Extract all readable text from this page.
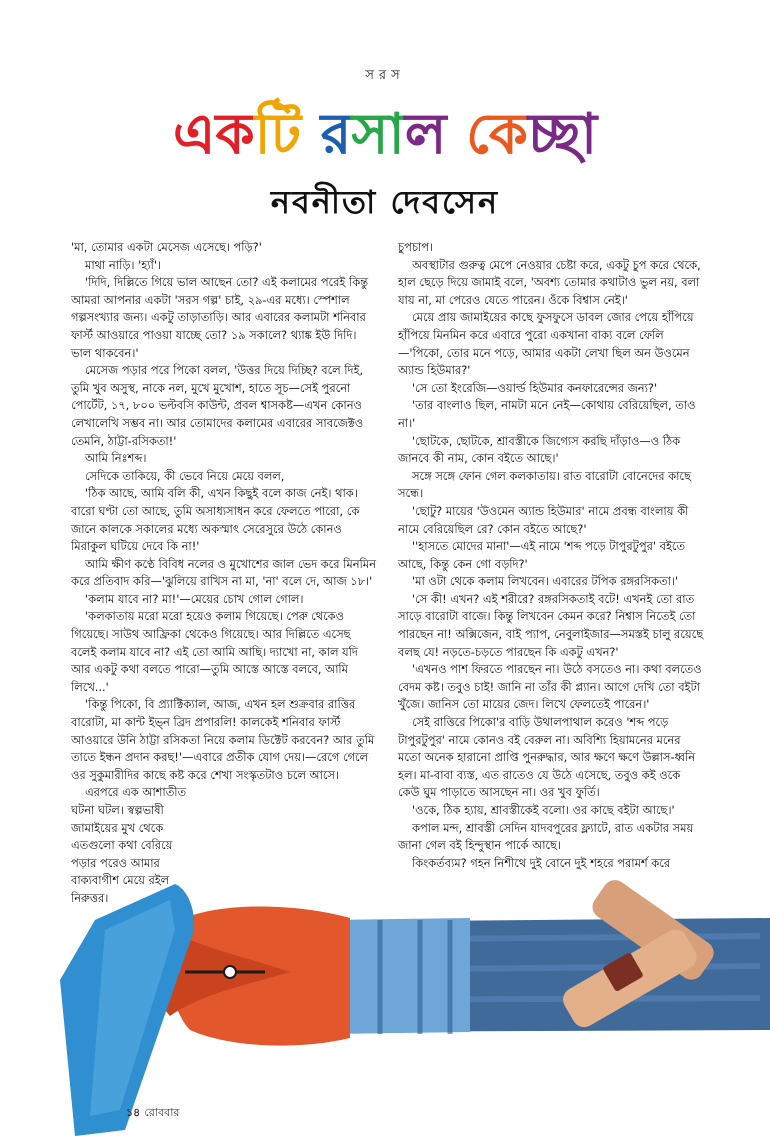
সরস
একটি রসাল কেচ্ছা
নবনীতা দেবসেন

'মা, তোমার একটা মেসেজ এসেছে। পড়ি?'

মাথা নাড়ি। 'হ্যাঁ'।

'দিদি, দিল্লিতে গিয়ে ভাল আছেন তো? এই কলামের পরেই কিন্তু আমরা আপনার একটা 'সরস গল্প' চাই, ২৯-এর মধ্যে। স্পেশাল গল্পসংখ্যার জন্য। একটু তাড়াতাড়ি। আর এবারের কলামটা শনিবার ফার্স্ট আওয়ারে পাওয়া যাচ্ছে তো? ১৯ সকালে? থ্যাঙ্ক ইউ দিদি। ভাল থাকবেন।'

মেসেজ পড়ার পরে পিকো বলল, 'উত্তর দিয়ে দিচ্ছি? বলে দিই, তুমি খুব অসুস্থ, নাকে নল, মুখে মুখোশ, হাতে সূচ—সেই পুরনো পোর্টেট, ১৭, ৮০০ ভল্টবসি কাউন্ট, প্রবল শ্বাসকষ্ট—এখন কোনও লেখালেখি সম্ভব না। আর তোমাদের কলামের এবারের সাবজেক্টও তেমনি, ঠাট্টা-রসিকতা!'

আমি নিঃশব্দ।

সেদিকে তাকিয়ে, কী ভেবে নিয়ে মেয়ে বলল,

'ঠিক আছে, আমি বলি কী, এখন কিছুই বলে কাজ নেই। থাক। বারো ঘণ্টা তো আছে, তুমি অসাধ্যসাধন করে ফেলতে পারো, কে জানে কালকে সকালের মধ্যে অকস্মাৎ সেরেসুরে উঠে কোনও মিরাকুল ঘটিয়ে দেবে কি না!'

আমি ক্ষীণ কণ্ঠে বিবিধ নলের ও মুখোশের জাল ভেদ করে মিনমিন করে প্রতিবাদ করি—'ঝুলিয়ে রাখিস না মা, 'না' বলে দে, আজ ১৮।'

'কলাম যাবে না? মা!'—মেয়ের চোখ গোল গোল।

'কলকাতায় মরো মরো হয়েও কলাম গিয়েছে। পেরু থেকেও গিয়েছে। সাউথ আফ্রিকা থেকেও গিয়েছে। আর দিল্লিতে এসেছ বলেই কলাম যাবে না? এই তো আমি আছি। দ্যাখো না, কাল যদি আর একটু কথা বলতে পারো—তুমি আস্তে আস্তে বলবে, আমি লিখে...'

'কিন্তু পিকো, বি প্র্যাক্টিক্যাল, আজ, এখন হল শুক্রবার রাত্তির বারোটা, মা কান্ট ইভ্ন ব্রিদ প্রপারলি! কালকেই শনিবার ফার্স্ট আওয়ারে উনি ঠাট্টা রসিকতা নিয়ে কলাম ডিক্টেট করবেন? আর তুমি তাতে ইন্ধন প্রদান করছ!'—এবারে প্রতীক যোগ দেয়।—রেগে গেলে ওর সুকুমারীদির কাছে কষ্ট করে শেখা সংস্কৃতটাও চলে আসে।

এরপরে এক আশাতীত ঘটনা ঘটল। স্বল্পভাষী জামাইয়ের মুখ থেকে এতগুলো কথা বেরিয়ে পড়ার পরেও আমার বাক্যবাগীশ মেয়ে রইল নিরুত্তর।

চুপচাপ।

অবস্থাটার গুরুত্ব মেপে নেওয়ার চেষ্টা করে, একটু চুপ করে থেকে, হাল ছেড়ে দিয়ে জামাই বলে, 'অবশ্য তোমার কথাটাও ভুল নয়, বলা যায় না, মা পেরেও যেতে পারেন। ওঁকে বিশ্বাস নেই।'

মেয়ে প্রায় জামাইয়ের কাছে ফুসফুসে ডাবল জোর পেয়ে হাঁপিয়ে হাঁপিয়ে মিনমিন করে এবারে পুরো একখানা বাক্য বলে ফেলি—'পিকো, তোর মনে পড়ে, আমার একটা লেখা ছিল অন উওমেন অ্যান্ড হিউমার?'

'সে তো ইংরেজি—ওয়ার্ল্ড হিউমার কনফারেন্সের জন্য?'

'তার বাংলাও ছিল, নামটা মনে নেই—কোথায় বেরিয়েছিল, তাও না।'

'ছোটকে, ছোটকে, শ্রাবস্তীকে জিগ্যেস করছি দাঁড়াও—ও ঠিক জানবে কী নাম, কোন বইতে আছে।'

সঙ্গে সঙ্গে ফোন গেল কলকাতায়। রাত বারোটা বোনেদের কাছে সন্ধে।

'ছোটু? মায়ের 'উওমেন অ্যান্ড হিউমার' নামে প্রবন্ধ বাংলায় কী নামে বেরিয়েছিল রে? কোন বইতে আছে?'

''হাসতে মোদের মানা'—এই নামে 'শব্দ পড়ে টাপুরটুপুর' বইতে আছে, কিন্তু কেন গো বড়দি?'

'মা ওটা থেকে কলাম লিখবেন। এবারের টপিক রঙ্গরসিকতা।'

'সে কী! এখন? এই শরীরে? রঙ্গরসিকতাই বটে! এখনই তো রাত সাড়ে বারোটা বাজে। কিন্তু লিখবেন কেমন করে? নিশ্বাস নিতেই তো পারছেন না! অক্সিজেন, বাই প্যাপ, নেবুলাইজার—সমস্তই চালু রয়েছে বলছ যে! নড়তে-চড়তে পারছেন কি একটু এখন?'

'এখনও পাশ ফিরতে পারছেন না। উঠে বসতেও না। কথা বলতেও বেদম কষ্ট। তবুও চাই! জানি না তাঁর কী প্ল্যান। আগে দেখি তো বইটা খুঁজে। জানিস তো মায়ের জেদ। লিখে ফেলতেই পারেন।'

সেই রাত্তিরে পিকো'র বাড়ি উথালপাথাল করেও 'শব্দ পড়ে টাপুরটুপুর' নামে কোনও বই বেরুল না। অবিশ্যি হিয়ামনের মনের মতো অনেক হারানো প্রাপ্তি পুনরুদ্ধার, আর ক্ষণে ক্ষণে উল্লাস-ধ্বনি হল। মা-বাবা ব্যস্ত, এত রাতেও যে উঠে এসেছে, তবুও কই ওকে কেউ ঘুম পাড়াতে আসছেন না। ওর খুব ফুর্তি।

'ওকে, ঠিক হ্যায়, শ্রাবস্তীকেই বলো। ওর কাছে বইটা আছে।'

কপাল মন্দ, শ্রাবস্তী সেদিন যাদবপুরের ফ্ল্যাটে, রাত একটার সময় জানা গেল বই হিন্দুস্থান পার্কে আছে।

কিংকর্তব্যম? গহন নিশীথে দুই বোনে দুই শহরে পরামর্শ করে

১৪ রোববার
